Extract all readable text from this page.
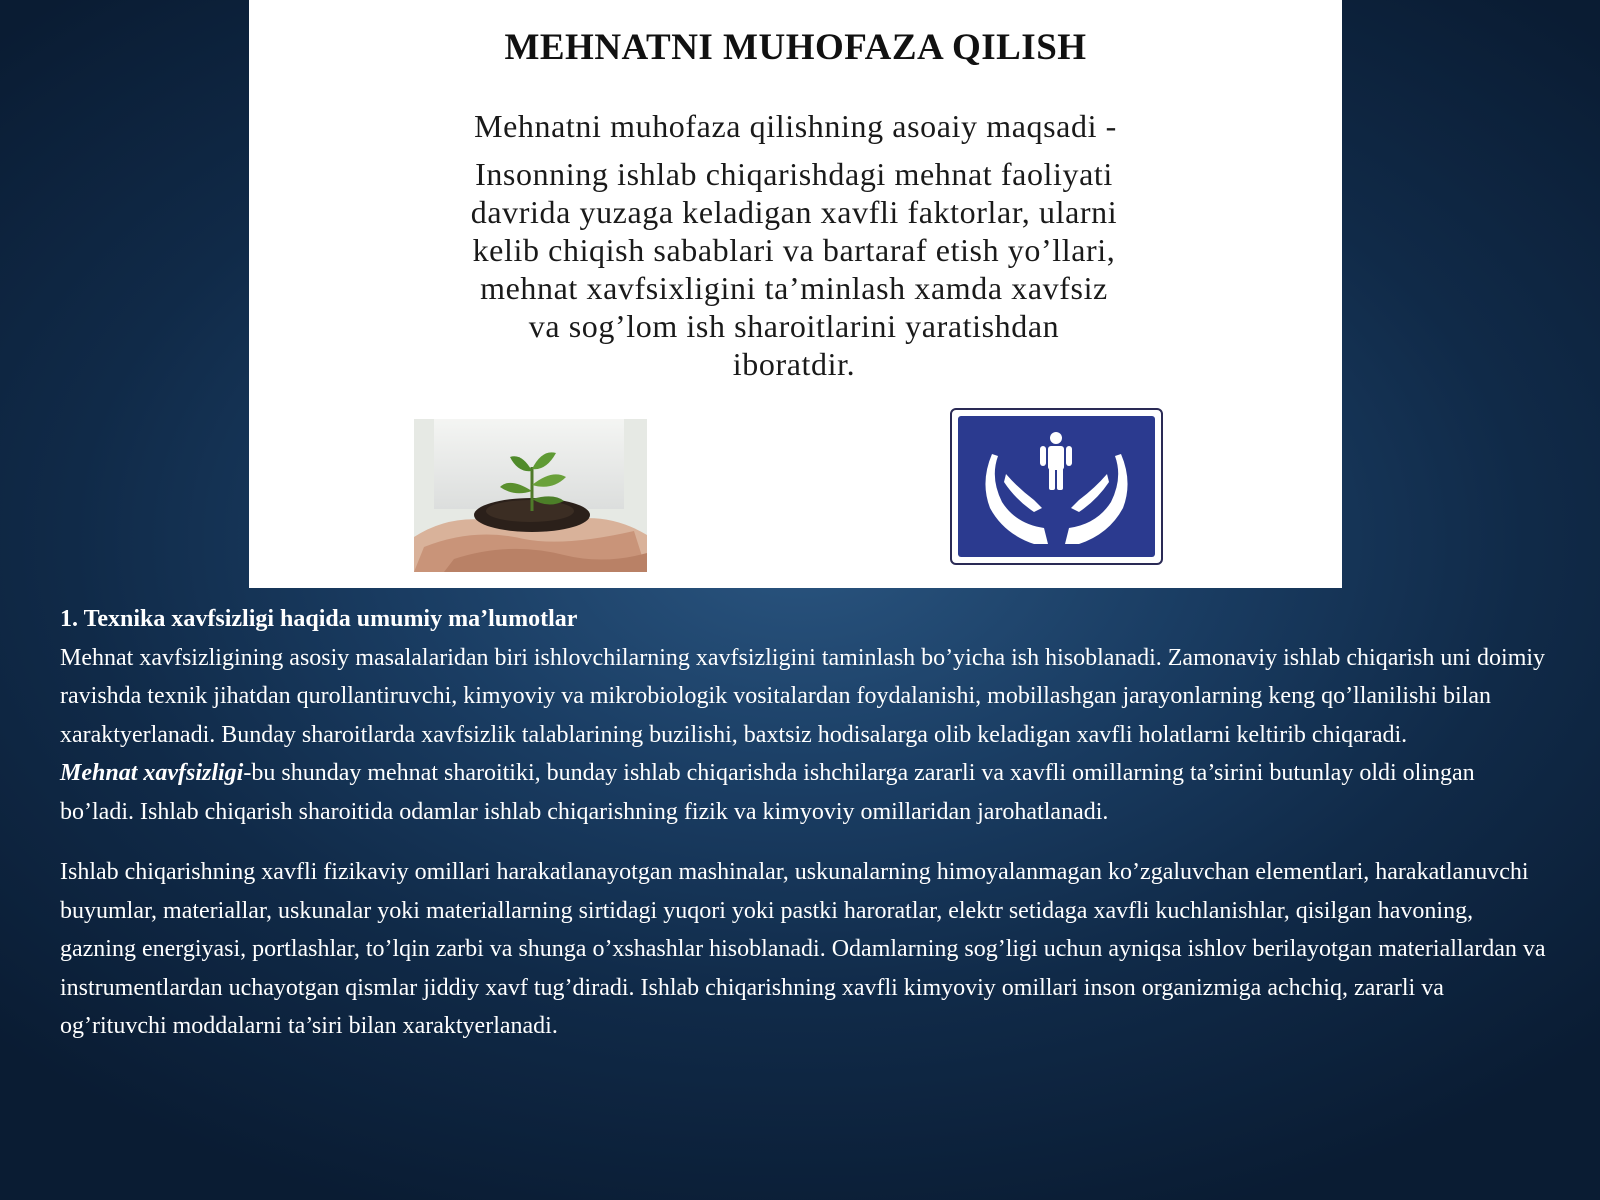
MEHNATNI MUHOFAZA QILISH
Mehnatni muhofaza qilishning asoaiy maqsadi -
Insonning ishlab chiqarishdagi mehnat faoliyati
davrida yuzaga keladigan xavfli faktorlar, ularni
kelib chiqish sabablari va bartaraf etish yo’llari,
mehnat xavfsixligini ta’minlash xamda xavfsiz
va sog’lom ish sharoitlarini yaratishdan
iboratdir.

1. Texnika xavfsizligi haqida umumiy ma’lumotlar

Mehnat xavfsizligining asosiy masalalaridan biri ishlovchilarning xavfsizligini taminlash bo’yicha ish hisoblanadi. Zamonaviy ishlab chiqarish uni doimiy ravishda texnik jihatdan qurollantiruvchi, kimyoviy va mikrobiologik vositalardan foydalanishi, mobillashgan jarayonlarning keng qo’llanilishi bilan xaraktyerlanadi. Bunday sharoitlarda xavfsizlik talablarining buzilishi, baxtsiz hodisalarga olib keladigan xavfli holatlarni keltirib chiqaradi.

Mehnat xavfsizligi-bu shunday mehnat sharoitiki, bunday ishlab chiqarishda ishchilarga zararli va xavfli omillarning ta’sirini butunlay oldi olingan bo’ladi. Ishlab chiqarish sharoitida odamlar ishlab chiqarishning fizik va kimyoviy omillaridan jarohatlanadi.

Ishlab chiqarishning xavfli fizikaviy omillari harakatlanayotgan mashinalar, uskunalarning himoyalanmagan ko’zgaluvchan elementlari, harakatlanuvchi buyumlar, materiallar, uskunalar yoki materiallarning sirtidagi yuqori yoki pastki haroratlar, elektr setidaga xavfli kuchlanishlar, qisilgan havoning, gazning energiyasi, portlashlar, to’lqin zarbi va shunga o’xshashlar hisoblanadi. Odamlarning sog’ligi uchun ayniqsa ishlov berilayotgan materiallardan va instrumentlardan uchayotgan qismlar jiddiy xavf tug’diradi. Ishlab chiqarishning xavfli kimyoviy omillari inson organizmiga achchiq, zararli va og’rituvchi moddalarni ta’siri bilan xaraktyerlanadi.
